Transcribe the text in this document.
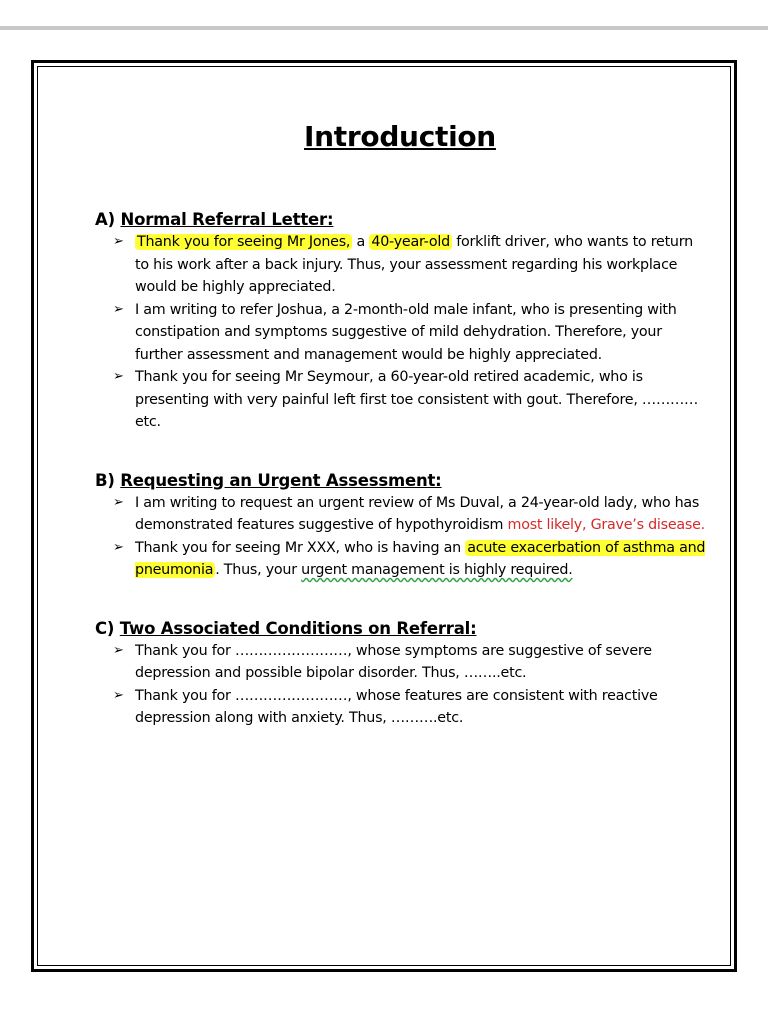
Introduction
A) Normal Referral Letter:
➢ Thank you for seeing Mr Jones, a 40-year-old forklift driver, who wants to return to his work after a back injury. Thus, your assessment regarding his workplace would be highly appreciated.
➢ I am writing to refer Joshua, a 2-month-old male infant, who is presenting with constipation and symptoms suggestive of mild dehydration. Therefore, your further assessment and management would be highly appreciated.
➢ Thank you for seeing Mr Seymour, a 60-year-old retired academic, who is presenting with very painful left first toe consistent with gout. Therefore, ………… etc.
B) Requesting an Urgent Assessment:
➢ I am writing to request an urgent review of Ms Duval, a 24-year-old lady, who has demonstrated features suggestive of hypothyroidism most likely, Grave’s disease.
➢ Thank you for seeing Mr XXX, who is having an acute exacerbation of asthma and pneumonia . Thus, your urgent management is highly required.
C) Two Associated Conditions on Referral:
➢ Thank you for ……………………, whose symptoms are suggestive of severe depression and possible bipolar disorder. Thus, ……..etc.
➢ Thank you for ……………………, whose features are consistent with reactive depression along with anxiety. Thus, ……….etc.
